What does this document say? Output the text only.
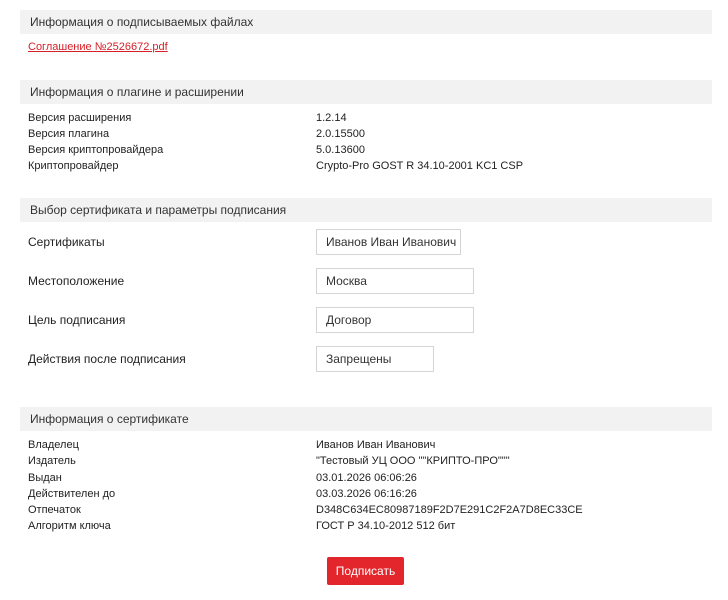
Информация о подписываемых файлах
Соглашение №2526672.pdf
Информация о плагине и расширении
Версия расширения	1.2.14
Версия плагина	2.0.15500
Версия криптопровайдера	5.0.13600
Криптопровайдер	Crypto-Pro GOST R 34.10-2001 KC1 CSP
Выбор сертификата и параметры подписания
Сертификаты	Иванов Иван Иванович
Местоположение	Москва
Цель подписания	Договор
Действия после подписания	Запрещены
Информация о сертификате
Владелец	Иванов Иван Иванович
Издатель	"Тестовый УЦ ООО ""КРИПТО-ПРО"""
Выдан	03.01.2026 06:06:26
Действителен до	03.03.2026 06:16:26
Отпечаток	D348C634EC80987189F2D7E291C2F2A7D8EC33CE
Алгоритм ключа	ГОСТ Р 34.10-2012 512 бит
Подписать
